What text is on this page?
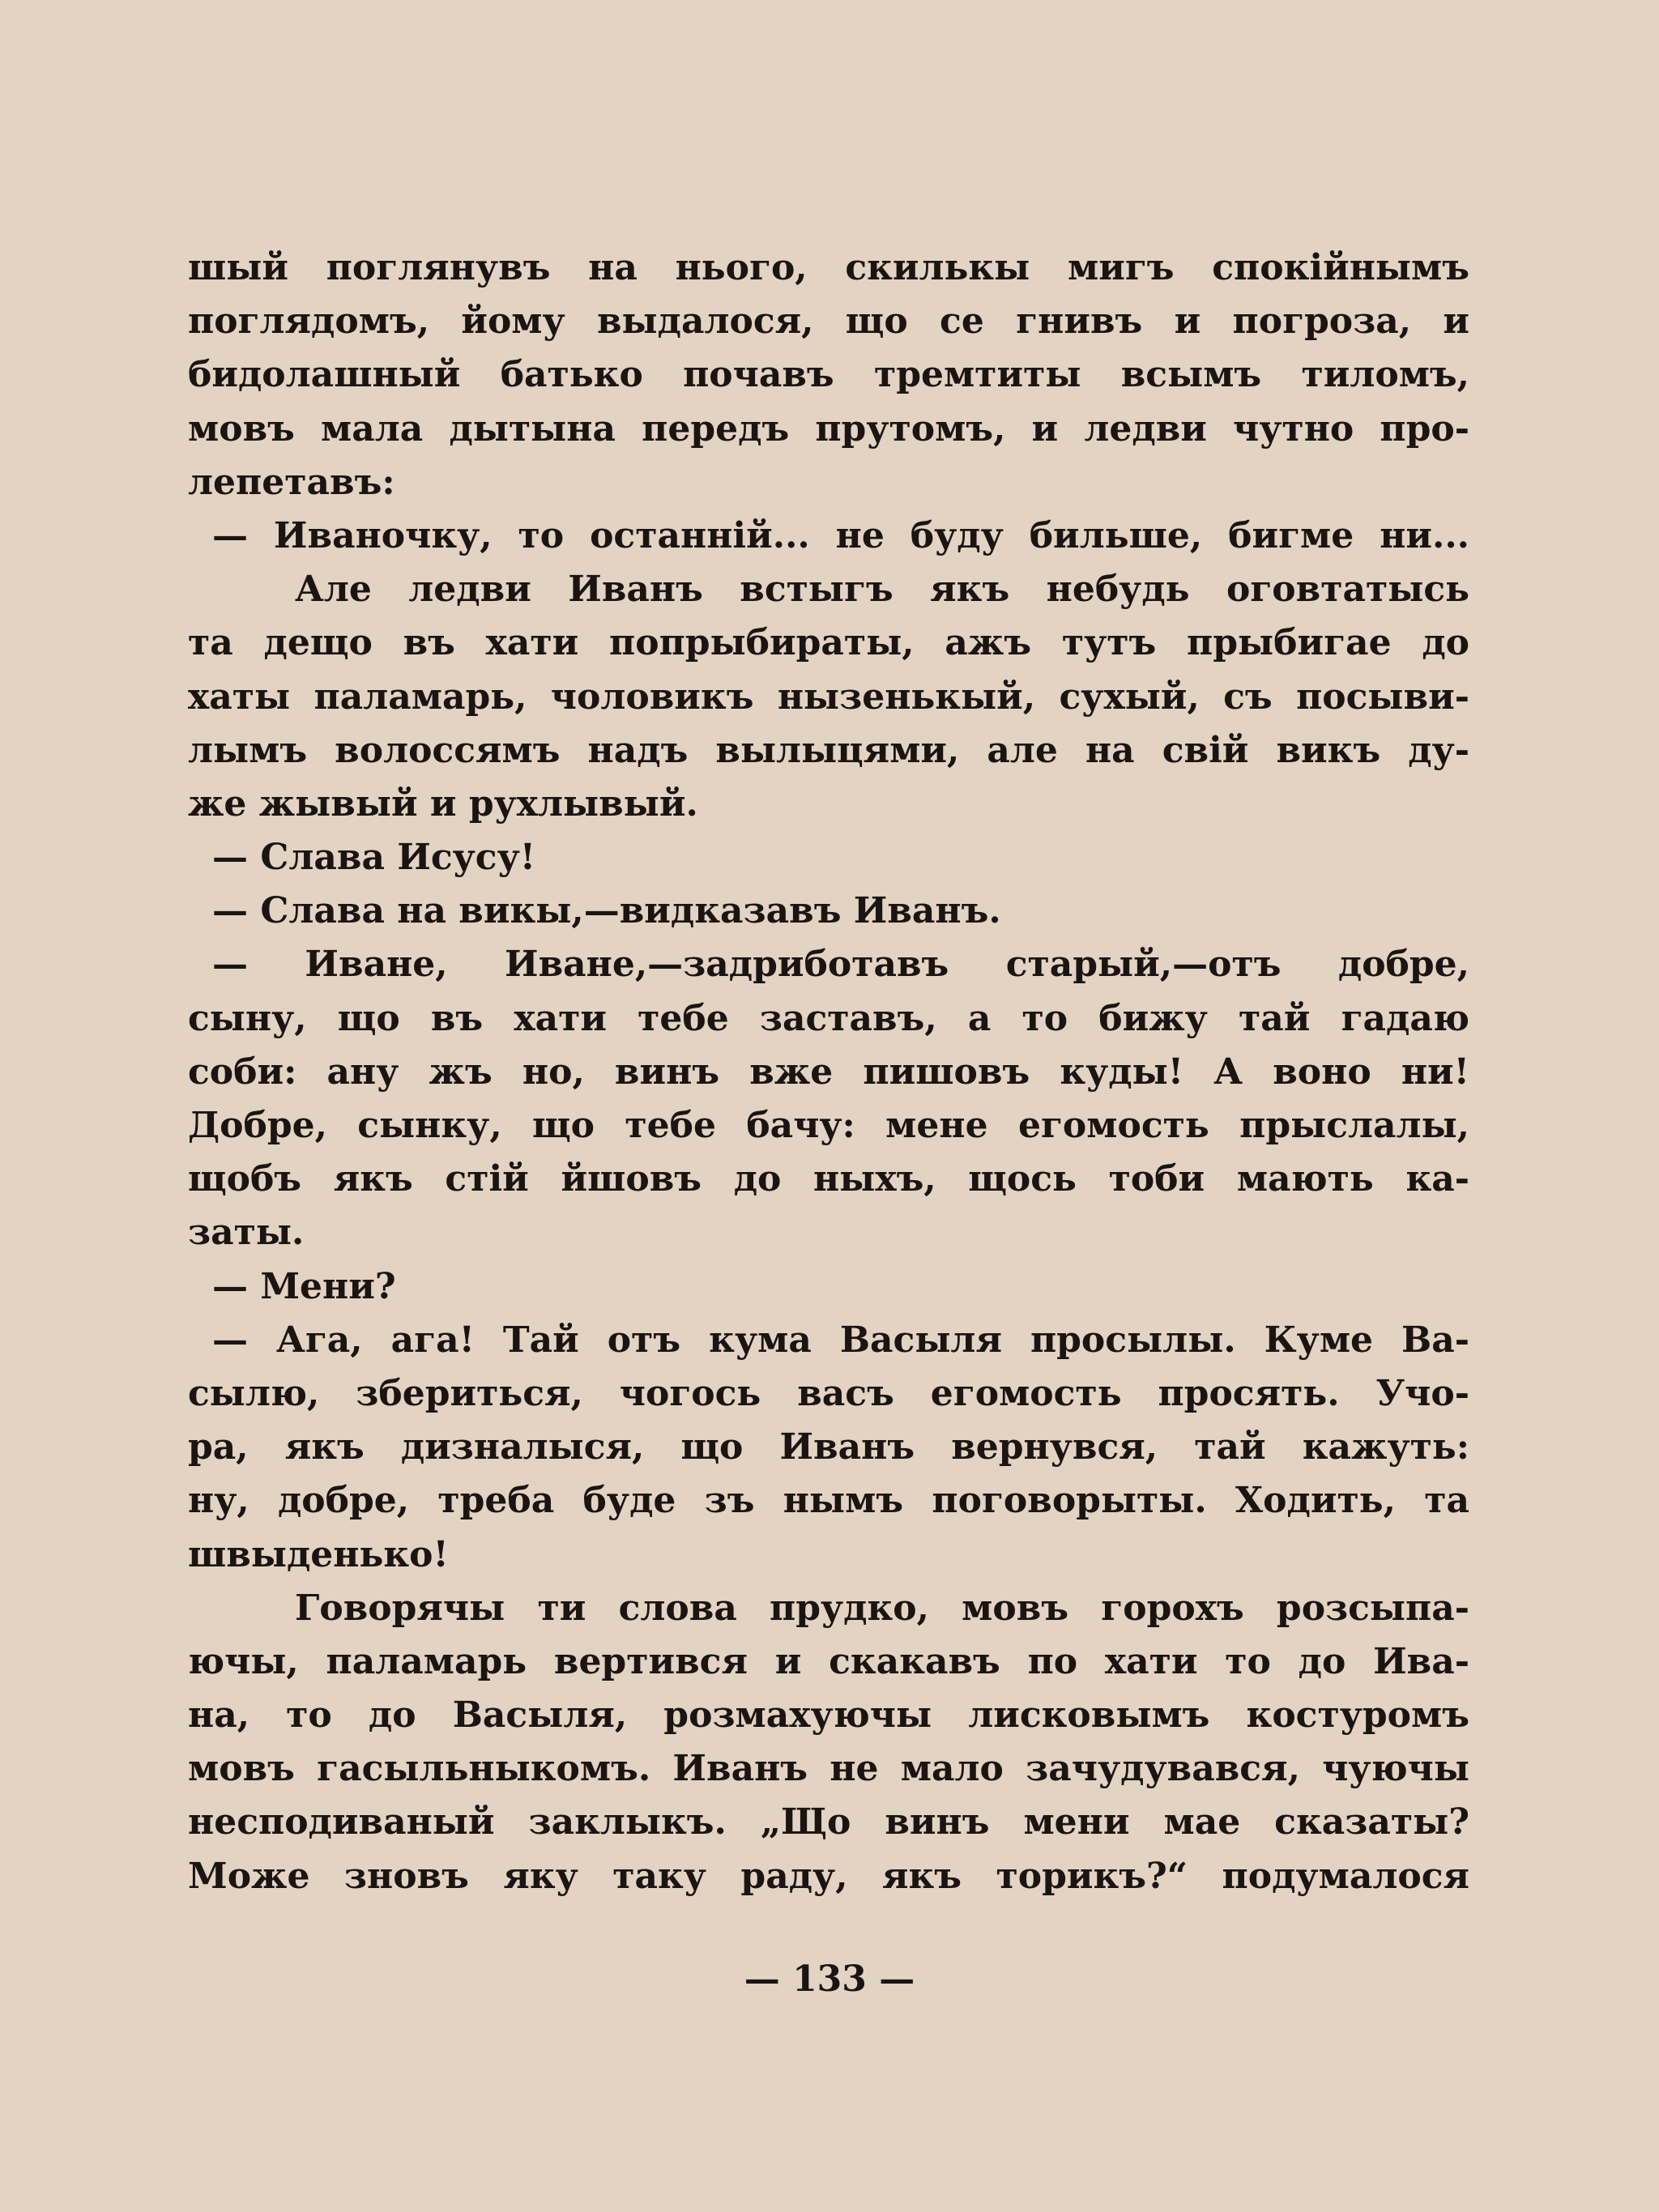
шый поглянувъ на нього, скилькы мигъ спокiйнымъ
поглядомъ, йому выдалося, що се гнивъ и погроза, и
бидолашный батько почавъ тремтиты всымъ тиломъ,
мовъ мала дытына передъ прутомъ, и ледви чутно про-
лепетавъ:
— Иваночку, то останнiй... не буду бильше, бигме ни...
Але ледви Иванъ встыгъ якъ небудь оговтатысь
та дещо въ хати попрыбираты, ажъ тутъ прыбигае до
хаты паламарь, чоловикъ нызенькый, сухый, съ посыви-
лымъ волоссямъ надъ вылыцями, але на свiй викъ ду-
же жывый и рухлывый.
— Слава Исусу!
— Слава на викы,—видказавъ Иванъ.
— Иване, Иване,—задриботавъ старый,—отъ добре,
сыну, що въ хати тебе заставъ, а то бижу тай гадаю
соби: ану жъ но, винъ вже пишовъ куды! А воно ни!
Добре, сынку, що тебе бачу: мене егомость прыслалы,
щобъ якъ стiй йшовъ до ныхъ, щось тоби мають ка-
заты.
— Мени?
— Ага, ага! Тай отъ кума Васыля просылы. Куме Ва-
сылю, збериться, чогось васъ егомость просять. Учо-
ра, якъ дизналыся, що Иванъ вернувся, тай кажуть:
ну, добре, треба буде зъ нымъ поговорыты. Ходить, та
швыденько!
Говорячы ти слова прудко, мовъ горохъ розсыпа-
ючы, паламарь вертився и скакавъ по хати то до Ива-
на, то до Васыля, розмахуючы лисковымъ костуромъ
мовъ гасыльныкомъ. Иванъ не мало зачудувався, чуючы
несподиваный заклыкъ. „Що винъ мени мае сказаты?
Може зновъ яку таку раду, якъ торикъ?“ подумалося
— 133 —
